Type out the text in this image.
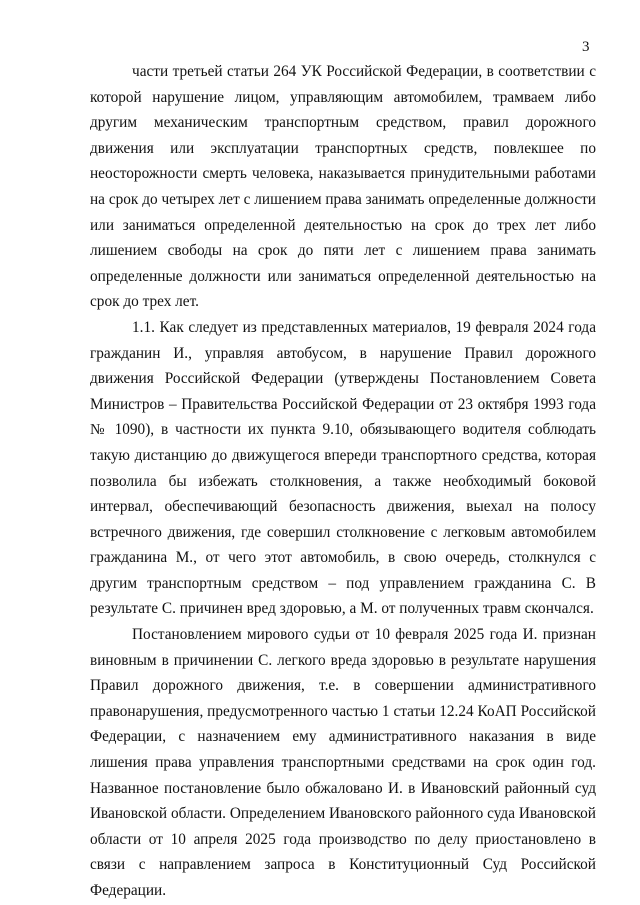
3

части третьей статьи 264 УК Российской Федерации, в соответствии с которой нарушение лицом, управляющим автомобилем, трамваем либо другим механическим транспортным средством, правил дорожного движения или эксплуатации транспортных средств, повлекшее по неосторожности смерть человека, наказывается принудительными работами на срок до четырех лет с лишением права занимать определенные должности или заниматься определенной деятельностью на срок до трех лет либо лишением свободы на срок до пяти лет с лишением права занимать определенные должности или заниматься определенной деятельностью на срок до трех лет.

1.1. Как следует из представленных материалов, 19 февраля 2024 года гражданин И., управляя автобусом, в нарушение Правил дорожного движения Российской Федерации (утверждены Постановлением Совета Министров – Правительства Российской Федерации от 23 октября 1993 года № 1090), в частности их пункта 9.10, обязывающего водителя соблюдать такую дистанцию до движущегося впереди транспортного средства, которая позволила бы избежать столкновения, а также необходимый боковой интервал, обеспечивающий безопасность движения, выехал на полосу встречного движения, где совершил столкновение с легковым автомобилем гражданина М., от чего этот автомобиль, в свою очередь, столкнулся с другим транспортным средством – под управлением гражданина С. В результате С. причинен вред здоровью, а М. от полученных травм скончался.

Постановлением мирового судьи от 10 февраля 2025 года И. признан виновным в причинении С. легкого вреда здоровью в результате нарушения Правил дорожного движения, т.е. в совершении административного правонарушения, предусмотренного частью 1 статьи 12.24 КоАП Российской Федерации, с назначением ему административного наказания в виде лишения права управления транспортными средствами на срок один год. Названное постановление было обжаловано И. в Ивановский районный суд Ивановской области. Определением Ивановского районного суда Ивановской области от 10 апреля 2025 года производство по делу приостановлено в связи с направлением запроса в Конституционный Суд Российской Федерации.
